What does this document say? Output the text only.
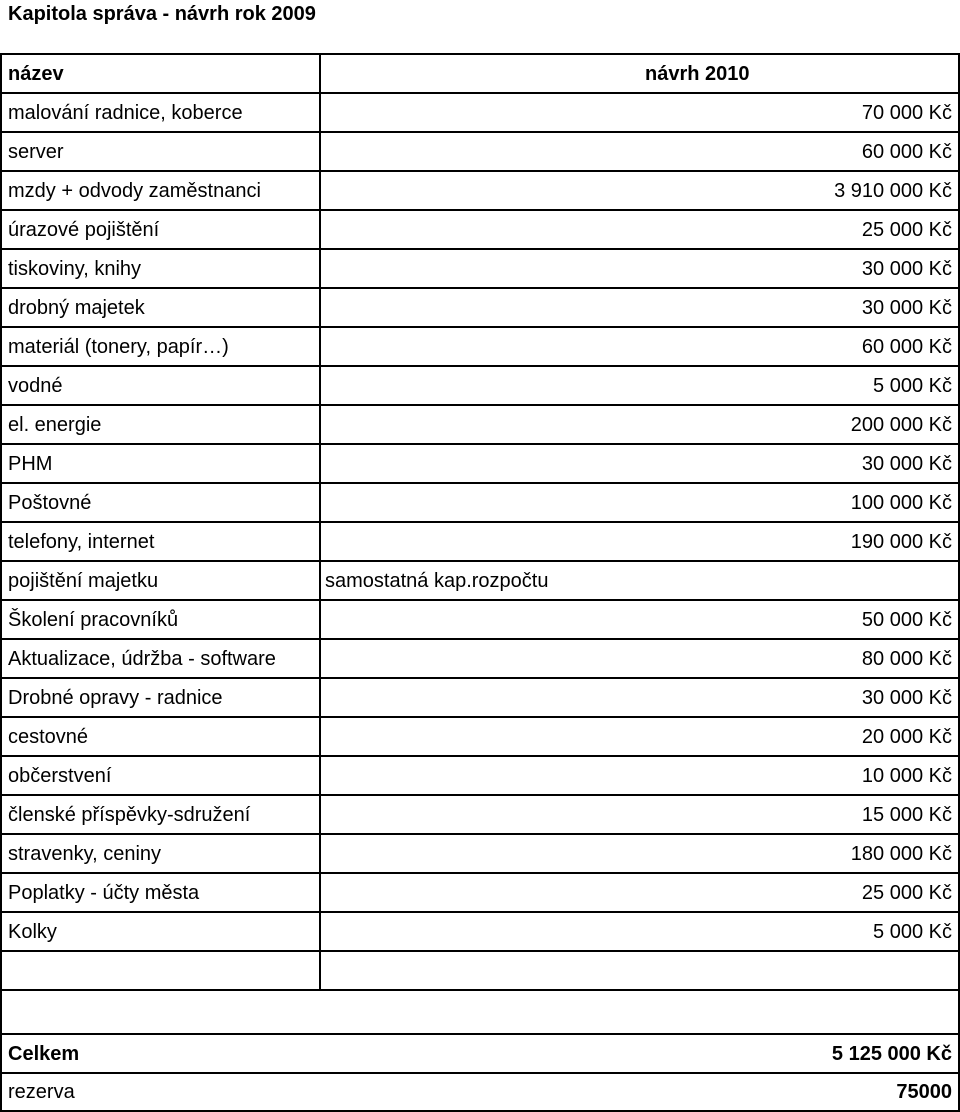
Kapitola správa - návrh rok 2009
název	návrh 2010
malování radnice, koberce	70 000 Kč
server	60 000 Kč
mzdy + odvody zaměstnanci	3 910 000 Kč
úrazové pojištění	25 000 Kč
tiskoviny, knihy	30 000 Kč
drobný majetek	30 000 Kč
materiál (tonery, papír…)	60 000 Kč
vodné	5 000 Kč
el. energie	200 000 Kč
PHM	30 000 Kč
Poštovné	100 000 Kč
telefony, internet	190 000 Kč
pojištění majetku	samostatná kap.rozpočtu
Školení pracovníků	50 000 Kč
Aktualizace, údržba - software	80 000 Kč
Drobné opravy - radnice	30 000 Kč
cestovné	20 000 Kč
občerstvení	10 000 Kč
členské příspěvky-sdružení	15 000 Kč
stravenky, ceniny	180 000 Kč
Poplatky - účty města	25 000 Kč
Kolky	5 000 Kč
Celkem	5 125 000 Kč
rezerva	75000
